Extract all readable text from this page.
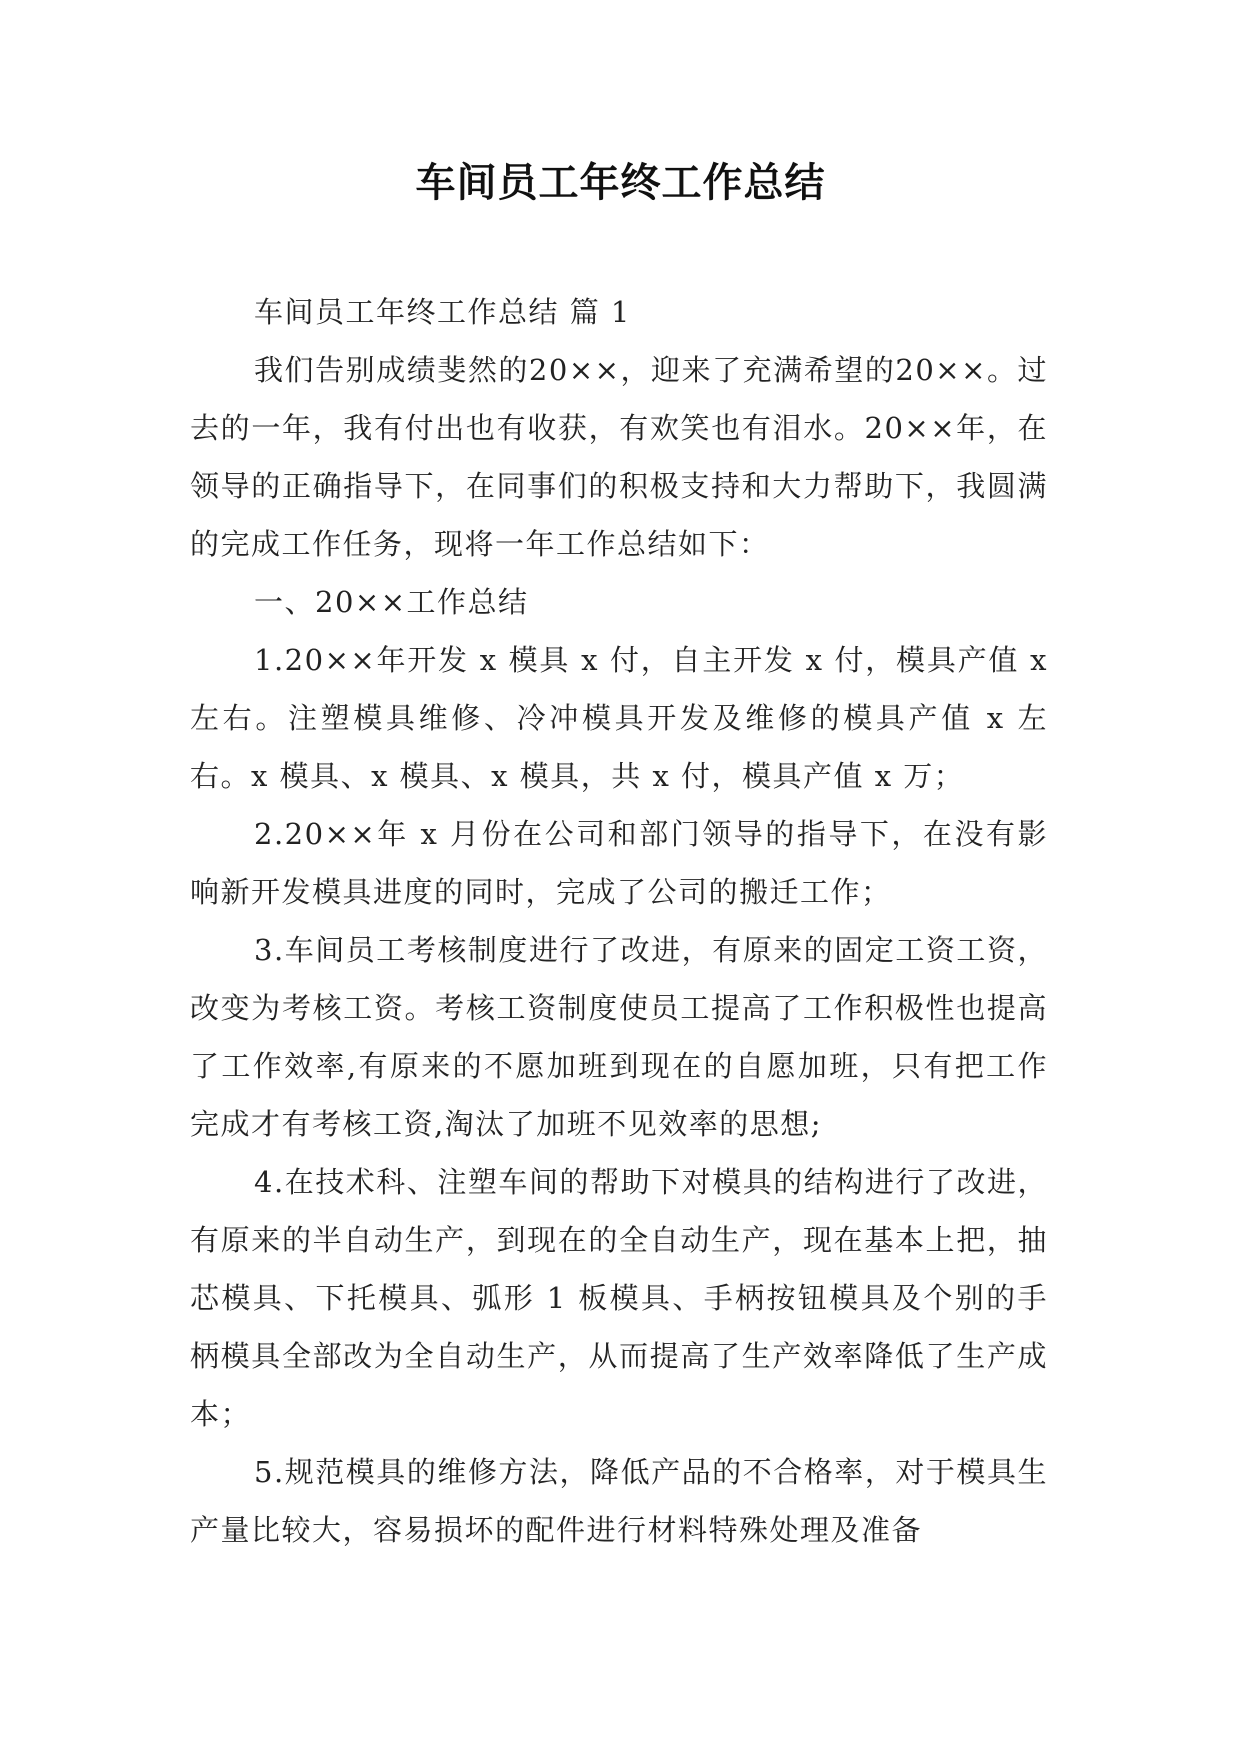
车间员工年终工作总结

车间员工年终工作总结 篇 1

我们告别成绩斐然的20××，迎来了充满希望的20××。过去的一年，我有付出也有收获，有欢笑也有泪水。20××年，在领导的正确指导下，在同事们的积极支持和大力帮助下，我圆满的完成工作任务，现将一年工作总结如下：

一、20××工作总结

1.20××年开发 x 模具 x 付，自主开发 x 付，模具产值 x 左右。注塑模具维修、冷冲模具开发及维修的模具产值 x 左右。x 模具、x 模具、x 模具，共 x 付，模具产值 x 万；

2.20××年 x 月份在公司和部门领导的指导下，在没有影响新开发模具进度的同时，完成了公司的搬迁工作；

3.车间员工考核制度进行了改进，有原来的固定工资工资，改变为考核工资。考核工资制度使员工提高了工作积极性也提高了工作效率,有原来的不愿加班到现在的自愿加班，只有把工作完成才有考核工资,淘汰了加班不见效率的思想;

4.在技术科、注塑车间的帮助下对模具的结构进行了改进，有原来的半自动生产，到现在的全自动生产，现在基本上把，抽芯模具、下托模具、弧形 1 板模具、手柄按钮模具及个别的手柄模具全部改为全自动生产，从而提高了生产效率降低了生产成本；

5.规范模具的维修方法，降低产品的不合格率，对于模具生产量比较大，容易损坏的配件进行材料特殊处理及准备
